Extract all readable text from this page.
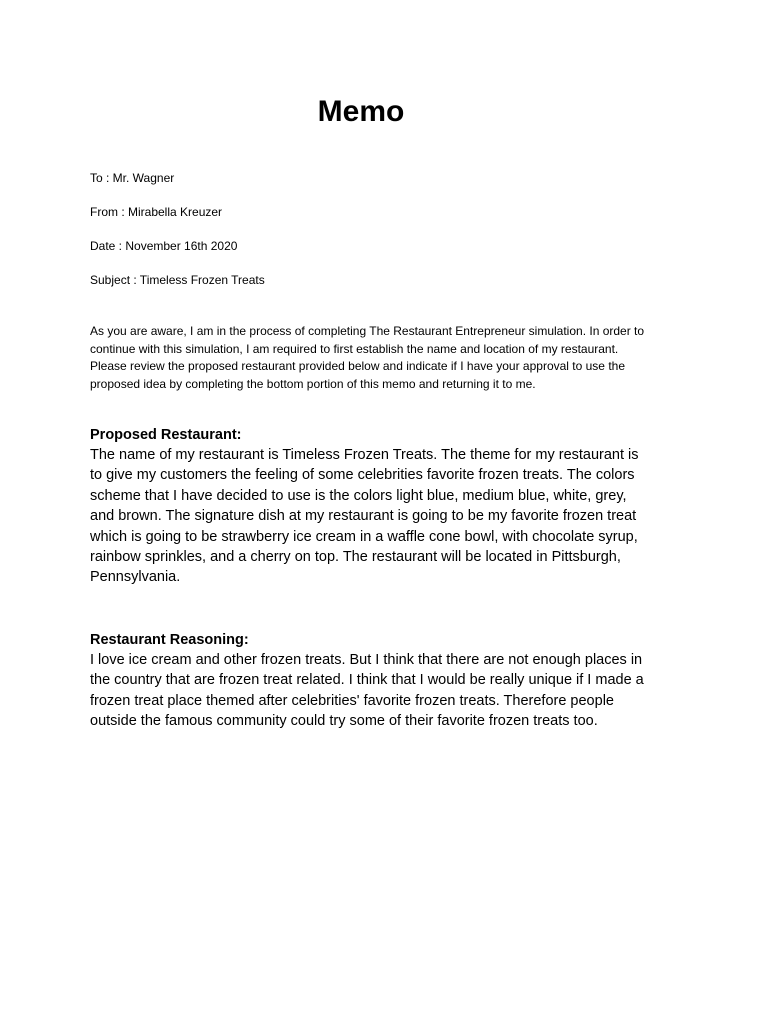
Memo
To : Mr. Wagner
From : Mirabella Kreuzer
Date : November 16th 2020
Subject : Timeless Frozen Treats

As you are aware, I am in the process of completing The Restaurant Entrepreneur simulation. In order to
continue with this simulation, I am required to first establish the name and location of my restaurant.
Please review the proposed restaurant provided below and indicate if I have your approval to use the
proposed idea by completing the bottom portion of this memo and returning it to me.

Proposed Restaurant:

The name of my restaurant is Timeless Frozen Treats. The theme for my restaurant is
to give my customers the feeling of some celebrities favorite frozen treats. The colors
scheme that I have decided to use is the colors light blue, medium blue, white, grey,
and brown. The signature dish at my restaurant is going to be my favorite frozen treat
which is going to be strawberry ice cream in a waffle cone bowl, with chocolate syrup,
rainbow sprinkles, and a cherry on top. The restaurant will be located in Pittsburgh,
Pennsylvania.

Restaurant Reasoning:

I love ice cream and other frozen treats. But I think that there are not enough places in
the country that are frozen treat related. I think that I would be really unique if I made a
frozen treat place themed after celebrities' favorite frozen treats. Therefore people
outside the famous community could try some of their favorite frozen treats too.
